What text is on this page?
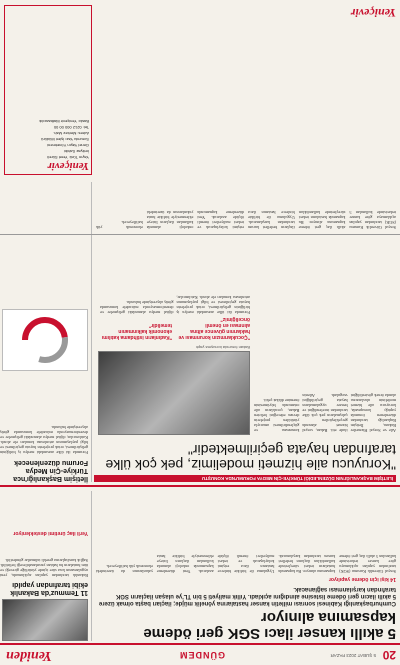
20
5 ŞUBAT 2023 PAZAR
GÜNDEM
Yeniden
5 akıllı kanser ilacı SGK geri ödeme kapsamına alınıyor
Cumhurbaşkanlığı Kabinesi sonrası milletin kanser hastalarına yönelik müjde; ilaçları başta olmak üzere 5 akıllı ilacın geri ödeme listesine alındığını açıkladı. Yıllık maliyeti 5 bin TL'ye ulaşan ilaçların SGK tarafından karşılanması sağlanacak.
14 kişi için ödeme yapılıyor
Sosyal Güvenlik Kurumu (SGK) tarafından yapılan açıklamaya göre kanser tedavisinde kullanılan 5 akıllı ilaç geri ödeme kapsamına alınıyor. Bu kapsamda hastaların tedavi süreçlerinde kullandıkları ilaçların bedelleri kurum tarafından karşılanacak. Uygulama ile birlikte binlerce hastanın ilaca erişimi kolaylaşacak ve tedavi maliyetleri önemli ölçüde azalacak. Yeni düzenleme kapsamında onkoloji alanında kullanılan ilaçların listeye eklenmesiyle birlikte hasta yakınlarının da üzerindeki ekonomik yük hafifleyecek.
11 Temmuz'da Bakanlık ekibi tarafından yapıldı
Bakanlık tarafından yapılan açıklamada, yeni uygulamanın kısa süre içinde yürürlüğe gireceği ve tüm hastaların bu haktan yararlanabileceği belirtildi. Sağlık kuruluşlarına gerekli talimatlar gönderildi.
Yerli ilaç üretimi destekleniyor
İLETİŞİM BAŞKANLIĞI'NIN DÜZENLEDİĞİ TÜRKİYE-ÇİN MEDYA FORUMU'NDA KONUŞTU
"Koruyucu aile hizmeti modelimiz, pek çok ülke tarafından hayata geçirilmektedir"
Bakan forumda konuşma yaptı
Aile ve Sosyal Hizmetler Bakanı, İletişim Başkanlığı tarafından düzenlenen forumda yaptığı konuşmada, koruyucu aile hizmet modelinin uluslararası alanda örnek gösterildiğini ifade etti. Bakan, sosyal hizmet alanında gerçekleştirilen çalışmaların pek çok ülke tarafından incelendiğini ve benzer uygulamaların hayata geçirildiğini vurguladı. Ailenin korunması ve güçlendirilmesi amacıyla yürütülen projelerin devam edeceğini belirten Bakan, çocukların aile ortamında büyümesinin önemine dikkat çekti.
"Çocuklarımızın korunması ve haklarının güvence altına alınması en önemli önceliğimiz"
"Kadınların istihdama katılımı ekonomik kalkınmanın temelidir"
Forumda iki ülke arasındaki medya iş birliğinin geliştirilmesi, ortak projelerin hayata geçirilmesi ve bilgi paylaşımının artırılması konuları ele alındı. Katılımcılar, dijital medya alanındaki gelişmeler ve dezenformasyonla mücadele konusunda görüş alışverişinde bulundu.
İletişim Başkanlığı'nca Türkiye-Çin Medya Forumu düzenlenecek
Forumda iki ülke arasındaki medya iş birliğinin geliştirilmesi, ortak projelerin hayata geçirilmesi ve bilgi paylaşımının artırılması konuları ele alındı. Katılımcılar, dijital medya alanındaki gelişmeler ve dezenformasyonla mücadele konusunda görüş alışverişinde bulundu.
Sosyal Güvenlik Kurumu (SGK) tarafından yapılan açıklamaya göre kanser tedavisinde kullanılan 5 akıllı ilaç geri ödeme kapsamına alınıyor. Bu kapsamda hastaların tedavi süreçlerinde kullandıkları ilaçların bedelleri kurum tarafından karşılanacak. Uygulama ile birlikte binlerce hastanın ilaca erişimi kolaylaşacak ve tedavi maliyetleri önemli ölçüde azalacak. Yeni düzenleme kapsamında onkoloji alanında kullanılan ilaçların listeye eklenmesiyle birlikte hasta yakınlarının da üzerindeki ekonomik yük hafifleyecek.
Yeniçevir
Yayın Türü: Yerel Süreli
İmtiyaz Sahibi
Genel Yayın Yönetmeni
Sorumlu Yazı İşleri Müdürü
Adres: Merkez Mah.
Tel: 0212 000 00 00
Baskı: Yeniçevir Matbaacılık
Yeniçevir
